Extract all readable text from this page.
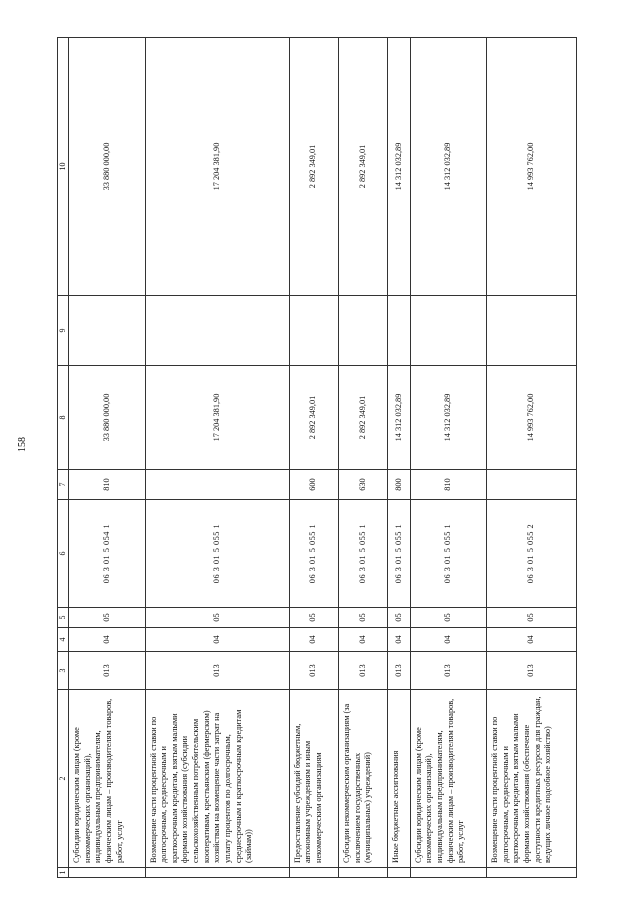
158
1	2	3	4	5	6	7	8	9	10
	Субсидии юридическим лицам (кроме некоммерческих организаций), индивидуальным предпринимателям, физическим лицам – производителям товаров, работ, услуг	013	04	05	06 3 01 5 054 1	810	33 880 000,00		33 880 000,00
	Возмещение части процентной ставки по долгосрочным, среднесрочным и краткосрочным кредитам, взятым малыми формами хозяйствования (субсидии сельскохозяйственным потребительским кооперативам, крестьянским (фермерским) хозяйствам на возмещение части затрат на уплату процентов по долгосрочным, среднесрочным и краткосрочным кредитам (займам))	013	04	05	06 3 01 5 055 1		17 204 381,90		17 204 381,90
	Предоставление субсидий бюджетным, автономным учреждениям и иным некоммерческим организациям	013	04	05	06 3 01 5 055 1	600	2 892 349,01		2 892 349,01
	Субсидии некоммерческим организациям (за исключением государственных (муниципальных) учреждений)	013	04	05	06 3 01 5 055 1	630	2 892 349,01		2 892 349,01
	Иные бюджетные ассигнования	013	04	05	06 3 01 5 055 1	800	14 312 032,89		14 312 032,89
	Субсидии юридическим лицам (кроме некоммерческих организаций), индивидуальным предпринимателям, физическим лицам – производителям товаров, работ, услуг	013	04	05	06 3 01 5 055 1	810	14 312 032,89		14 312 032,89
	Возмещение части процентной ставки по долгосрочным, среднесрочным и краткосрочным кредитам, взятым малыми формами хозяйствования (обеспечение доступности кредитных ресурсов для граждан, ведущих личное подсобное хозяйство)	013	04	05	06 3 01 5 055 2		14 993 762,00		14 993 762,00
